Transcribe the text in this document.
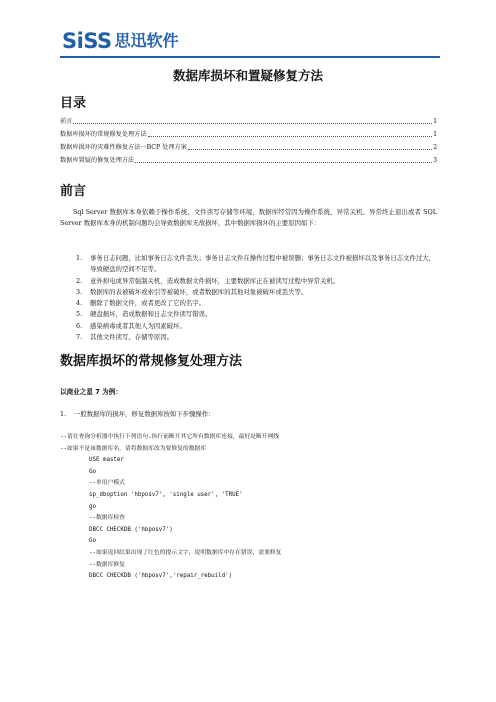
SiSS 思迅软件
数据库损坏和置疑修复方法
目录
前言	1
数据库损坏的常规修复处理方法	1
数据库损坏的灾难性修复方法一BCP 处理方案	2
数据库置疑的修复处理方法	3
前言
Sql Server 数据库本身依赖于操作系统、文件读写存储等环境，数据库经常因为操作系统、异常关机、异常终止退出或者 SQL Server 数据库本身的机制问题均会导致数据库无故损坏，其中数据库损坏的主要原因如下：
1. 事务日志问题，比如事务日志文件丢失；事务日志文件在操作过程中被误删；事务日志文件被损坏以及事务日志文件过大，导致硬盘的空间不足等。
2. 意外掉电或异常强制关机，造成数据文件损坏，主要数据库正在被读写过程中异常关机。
3. 数据库的表被破坏或索引等被破坏，或者数据库的其他对象被破坏或丢失等。
4. 删除了数据文件，或者更改了它的名字。
5. 硬盘损坏，造成数据和日志文件读写错误。
6. 感染病毒或者其他人为因素破坏。
7. 其他文件读写、存储等原因。
数据库损坏的常规修复处理方法
以商业之星 7 为例：
1. 一般数据库的损坏，修复数据库按如下步骤操作：
--请在查询分析器中执行下列语句.执行前断开其它所有数据库连接，最好是断开网线
--如果不是该数据库名，请将数据库改为要修复的数据库
USE master
Go
--单用户模式
sp_dboption 'hbposv7', 'single user', 'TRUE'
go
--数据库检查
DBCC CHECKDB ('hbposv7')
Go
--如果返回结果出现了红色的提示文字，说明数据库中存在错误，需要修复
--数据库修复
DBCC CHECKDB ('hbposv7','repair_rebuild')
